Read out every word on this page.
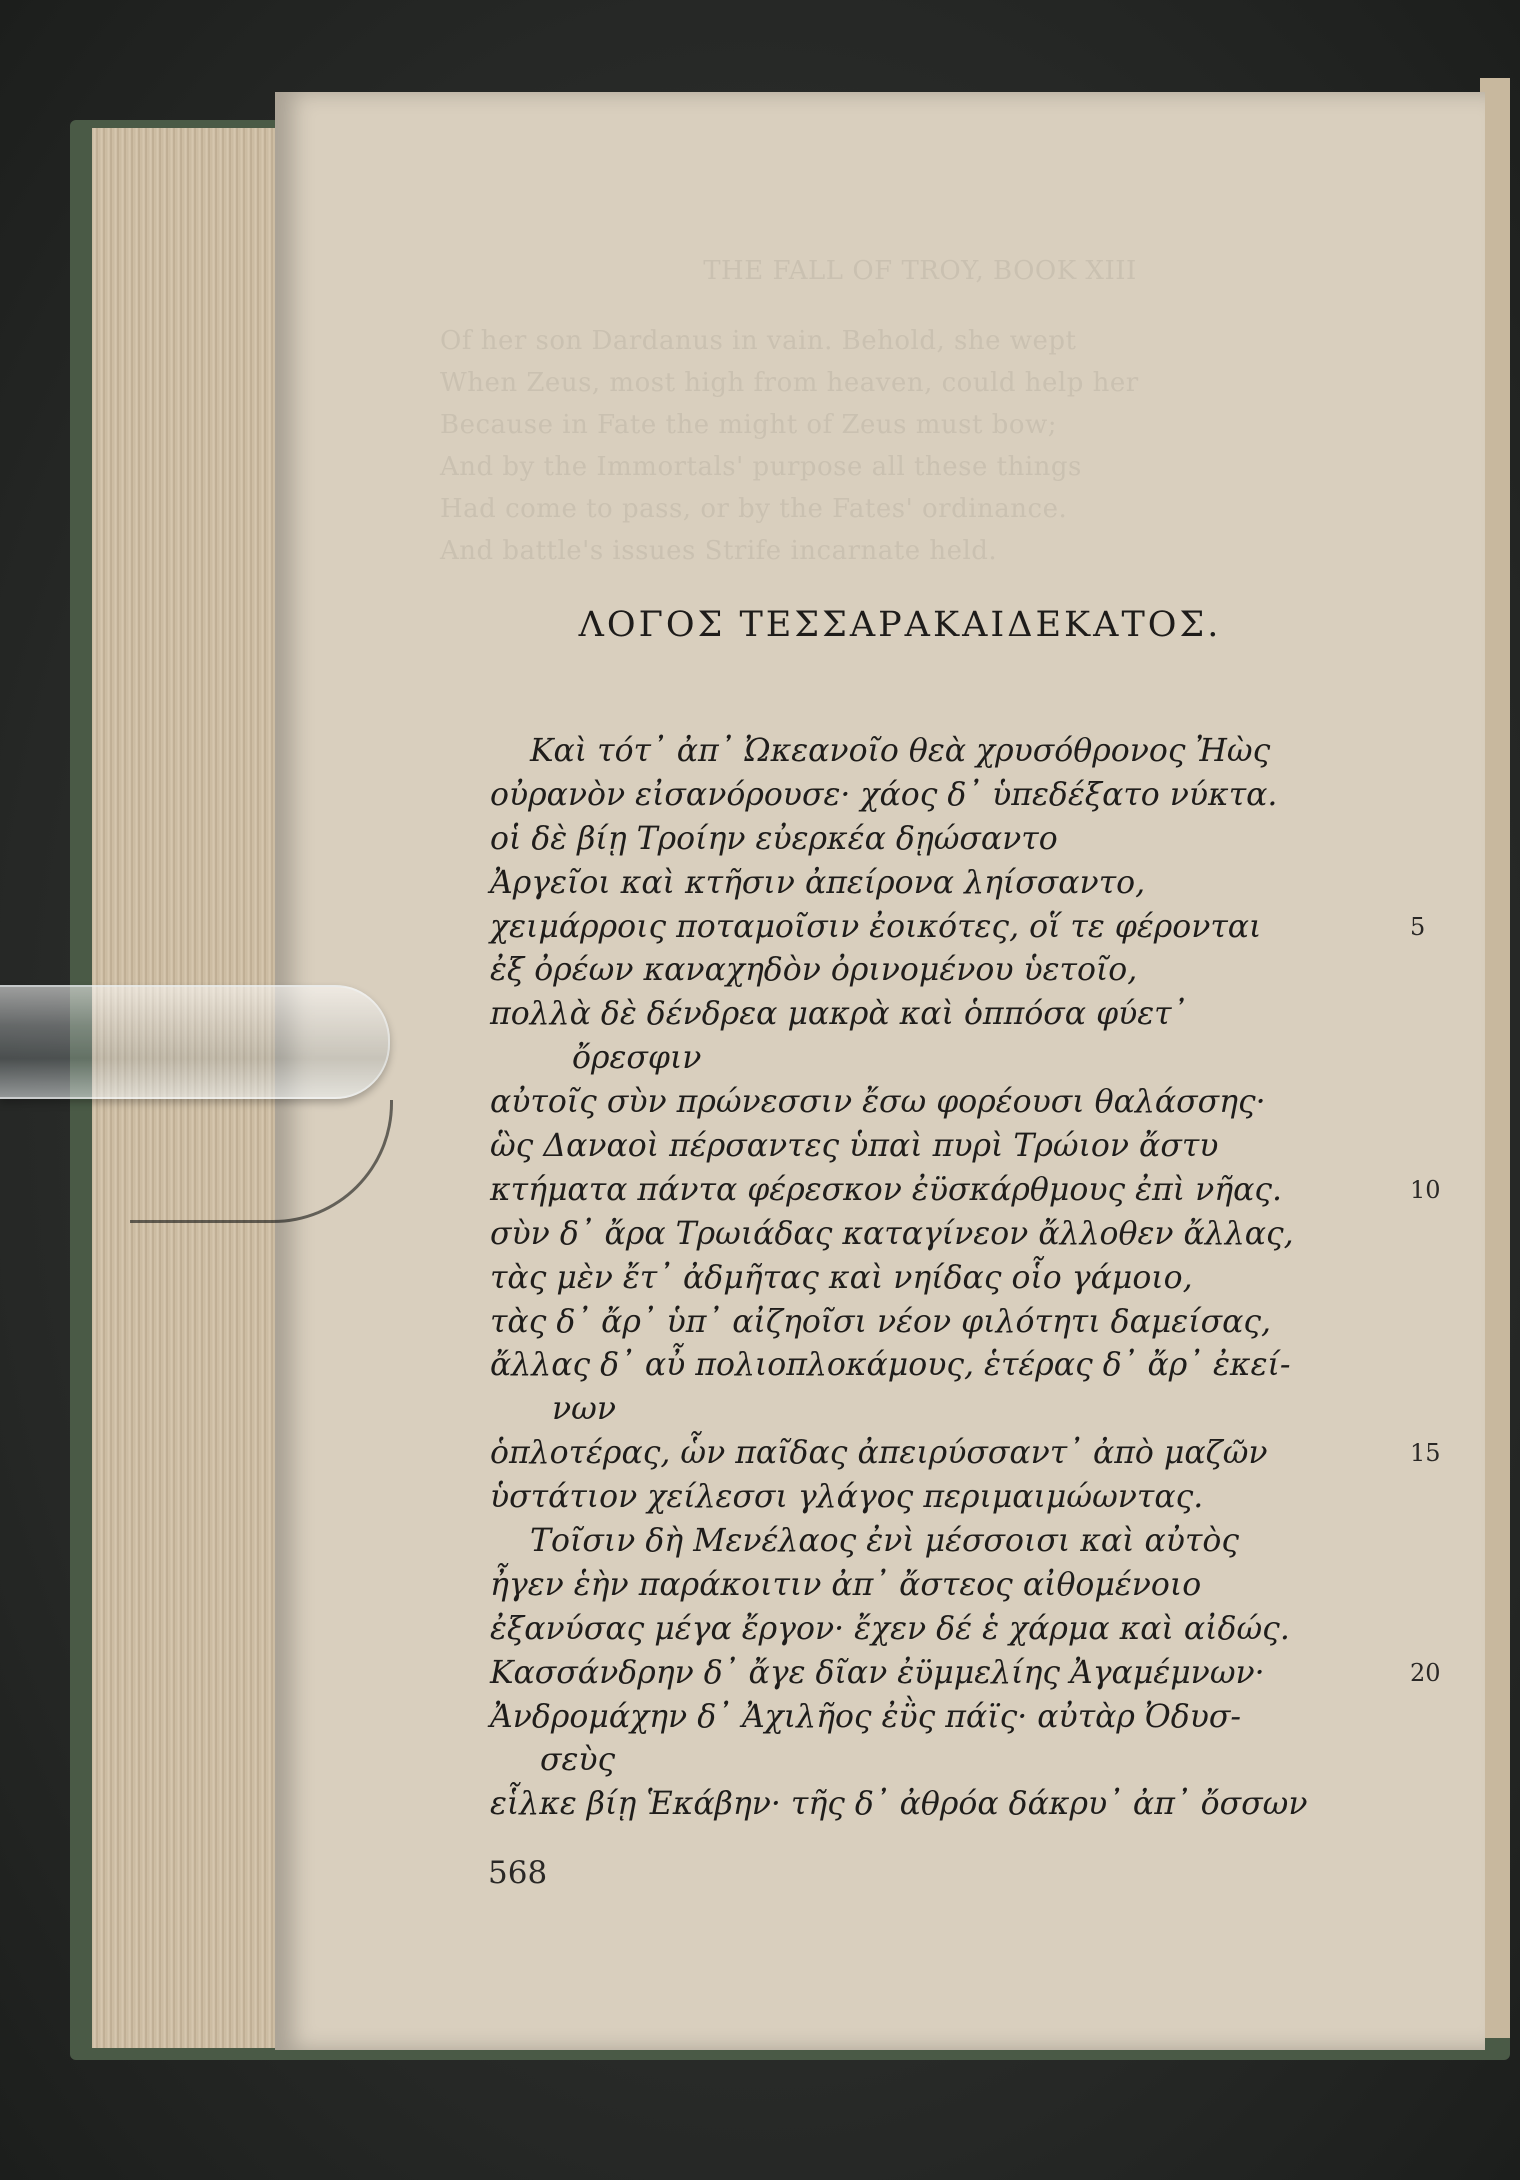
THE FALL OF TROY, BOOK XIII
Of her son Dardanus in vain. Behold, she wept
When Zeus, most high from heaven, could help her
Because in Fate the might of Zeus must bow;
And by the Immortals' purpose all these things
Had come to pass, or by the Fates' ordinance.
And battle's issues Strife incarnate held.
ΛΟΓΟΣ ΤΕΣΣΑΡΑΚΑΙΔΕΚΑΤΟΣ.
Καὶ τότ᾽ ἀπ᾽ Ὠκεανοῖο θεὰ χρυσόθρονος Ἠὼς
οὐρανὸν εἰσανόρουσε· χάος δ᾽ ὑπεδέξατο νύκτα.
οἱ δὲ βίῃ Τροίην εὐερκέα δῃώσαντο
Ἀργεῖοι καὶ κτῆσιν ἀπείρονα ληίσσαντο,
χειμάρροις ποταμοῖσιν ἐοικότες, οἵ τε φέρονται	5
ἐξ ὀρέων καναχηδὸν ὀρινομένου ὑετοῖο,
πολλὰ δὲ δένδρεα μακρὰ καὶ ὁππόσα φύετ᾽
ὄρεσφιν
αὐτοῖς σὺν πρώνεσσιν ἔσω φορέουσι θαλάσσης·
ὣς Δαναοὶ πέρσαντες ὑπαὶ πυρὶ Τρώιον ἄστυ
κτήματα πάντα φέρεσκον ἐϋσκάρθμους ἐπὶ νῆας.	10
σὺν δ᾽ ἄρα Τρωιάδας καταγίνεον ἄλλοθεν ἄλλας,
τὰς μὲν ἔτ᾽ ἀδμῆτας καὶ νηίδας οἷο γάμοιο,
τὰς δ᾽ ἄρ᾽ ὑπ᾽ αἰζηοῖσι νέον φιλότητι δαμείσας,
ἄλλας δ᾽ αὖ πολιοπλοκάμους, ἑτέρας δ᾽ ἄρ᾽ ἐκεί-
νων
ὁπλοτέρας, ὧν παῖδας ἀπειρύσσαντ᾽ ἀπὸ μαζῶν	15
ὑστάτιον χείλεσσι γλάγος περιμαιμώωντας.
Τοῖσιν δὴ Μενέλαος ἐνὶ μέσσοισι καὶ αὐτὸς
ἦγεν ἑὴν παράκοιτιν ἀπ᾽ ἄστεος αἰθομένοιο
ἐξανύσας μέγα ἔργον· ἔχεν δέ ἑ χάρμα καὶ αἰδώς.
Κασσάνδρην δ᾽ ἄγε δῖαν ἐϋμμελίης Ἀγαμέμνων·	20
Ἀνδρομάχην δ᾽ Ἀχιλῆος ἐῢς πάϊς· αὐτὰρ Ὀδυσ-
σεὺς
εἷλκε βίῃ Ἑκάβην· τῆς δ᾽ ἀθρόα δάκρυ᾽ ἀπ᾽ ὄσσων
568
